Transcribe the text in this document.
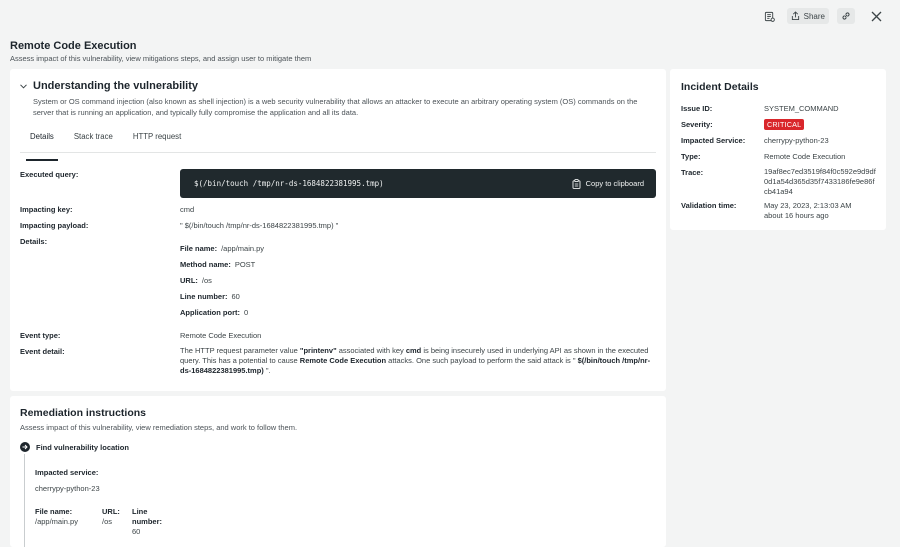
Share
Remote Code Execution
Assess impact of this vulnerability, view mitigations steps, and assign user to mitigate them
Understanding the vulnerability
System or OS command injection (also known as shell injection) is a web security vulnerability that allows an attacker to execute an arbitrary operating system (OS) commands on the server that is running an application, and typically fully compromise the application and all its data.
Details	Stack trace	HTTP request
Executed query:
$(/bin/touch /tmp/nr-ds-1684822381995.tmp)	Copy to clipboard
Impacting key:	cmd
Impacting payload:	" $(/bin/touch /tmp/nr-ds-1684822381995.tmp) "
Details:
File name: /app/main.py
Method name: POST
URL: /os
Line number: 60
Application port: 0
Event type:	Remote Code Execution
Event detail:	The HTTP request parameter value "printenv" associated with key cmd is being insecurely used in underlying API as shown in the executed query. This has a potential to cause Remote Code Execution attacks. One such payload to perform the said attack is " $(/bin/touch /tmp/nr-ds-1684822381995.tmp) ".
Incident Details
Issue ID:	SYSTEM_COMMAND
Severity:	CRITICAL
Impacted Service:	cherrypy-python-23
Type:	Remote Code Execution
Trace:	19af8ec7ed3519f84f0c592e9d9df0d1a54d365d35f7433186fe9e86fcb41a94
Validation time:	May 23, 2023, 2:13:03 AM
about 16 hours ago
Remediation instructions
Assess impact of this vulnerability, view remediation steps, and work to follow them.
Find vulnerability location
Impacted service:
cherrypy-python-23
File name:
/app/main.py
URL:
/os
Line
number:
60
